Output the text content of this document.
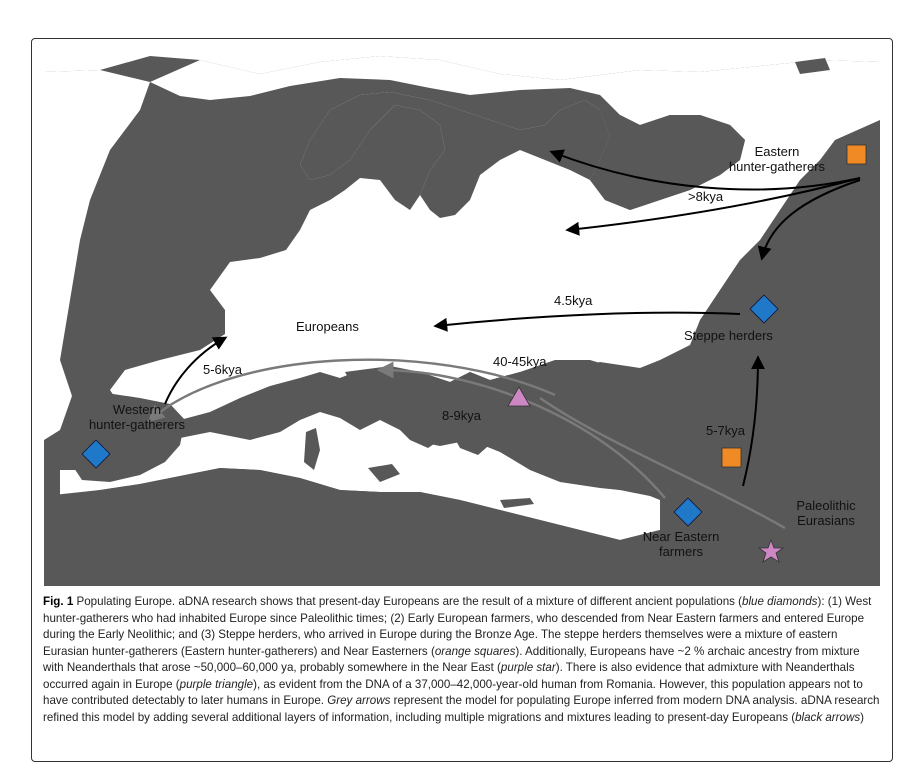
Eastern
hunter-gatherers
>8kya
4.5kya
Steppe herders
Europeans
5-6kya
40-45kya
Western
hunter-gatherers
8-9kya
5-7kya
Paleolithic
Eurasians
Near Eastern
farmers
Fig. 1 Populating Europe. aDNA research shows that present-day Europeans are the result of a mixture of different ancient populations (blue diamonds): (1) West hunter-gatherers who had inhabited Europe since Paleolithic times; (2) Early European farmers, who descended from Near Eastern farmers and entered Europe during the Early Neolithic; and (3) Steppe herders, who arrived in Europe during the Bronze Age. The steppe herders themselves were a mixture of eastern Eurasian hunter-gatherers (Eastern hunter-gatherers) and Near Easterners (orange squares). Additionally, Europeans have ~2 % archaic ancestry from mixture with Neanderthals that arose ~50,000–60,000 ya, probably somewhere in the Near East (purple star). There is also evidence that admixture with Neanderthals occurred again in Europe (purple triangle), as evident from the DNA of a 37,000–42,000-year-old human from Romania. However, this population appears not to have contributed detectably to later humans in Europe. Grey arrows represent the model for populating Europe inferred from modern DNA analysis. aDNA research refined this model by adding several additional layers of information, including multiple migrations and mixtures leading to present-day Europeans (black arrows)
